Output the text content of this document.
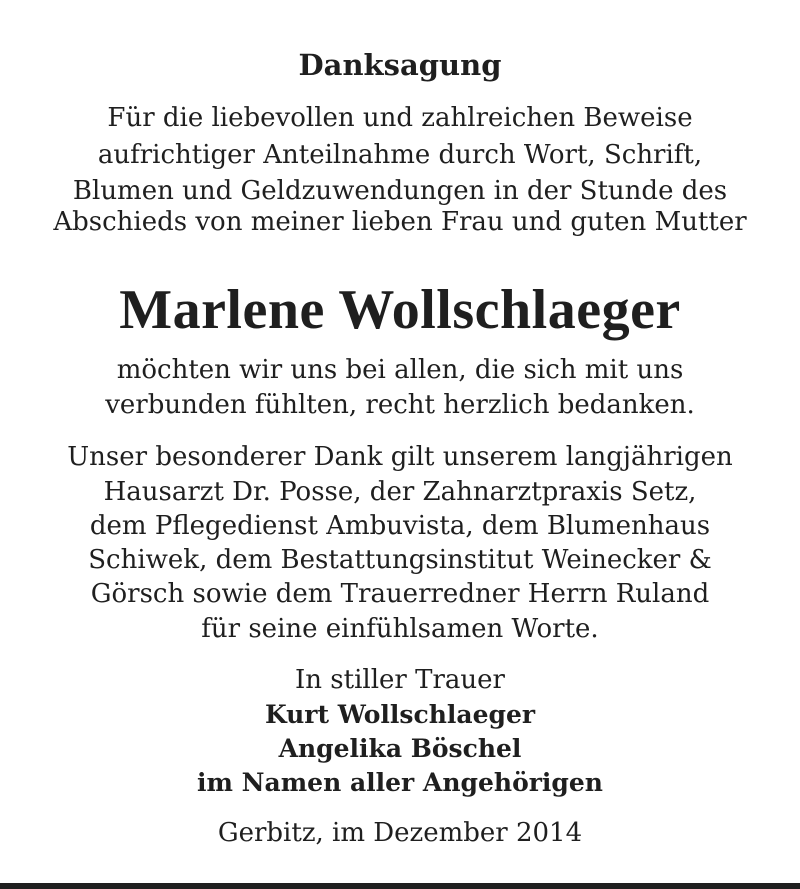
Danksagung
Für die liebevollen und zahlreichen Beweise
aufrichtiger Anteilnahme durch Wort, Schrift,
Blumen und Geldzuwendungen in der Stunde des
Abschieds von meiner lieben Frau und guten Mutter
Marlene Wollschlaeger
möchten wir uns bei allen, die sich mit uns
verbunden fühlten, recht herzlich bedanken.
Unser besonderer Dank gilt unserem langjährigen
Hausarzt Dr. Posse, der Zahnarztpraxis Setz,
dem Pflegedienst Ambuvista, dem Blumenhaus
Schiwek, dem Bestattungsinstitut Weinecker &
Görsch sowie dem Trauerredner Herrn Ruland
für seine einfühlsamen Worte.
In stiller Trauer
Kurt Wollschlaeger
Angelika Böschel
im Namen aller Angehörigen
Gerbitz, im Dezember 2014
